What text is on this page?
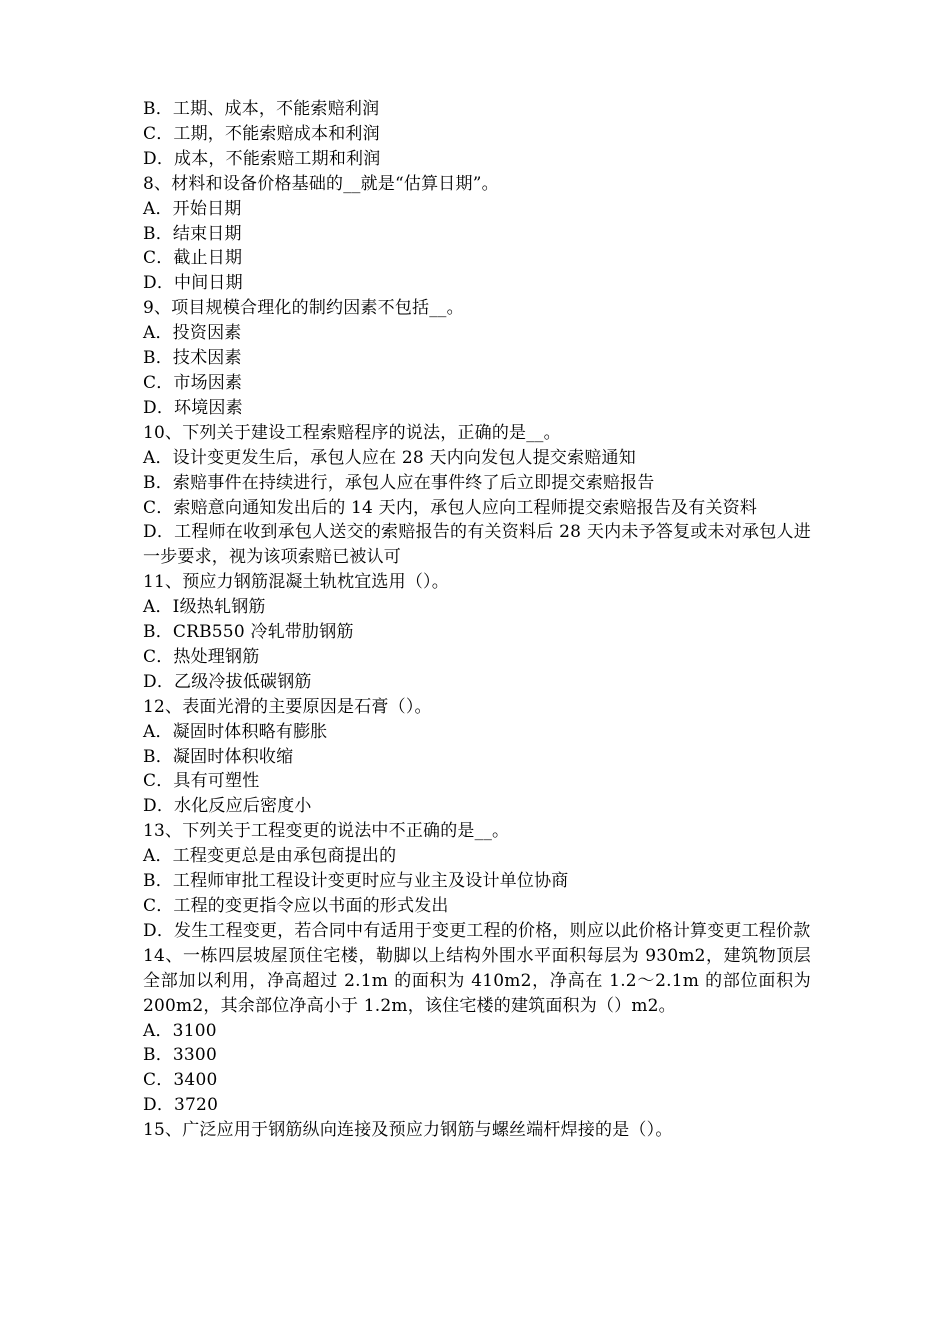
B．工期、成本，不能索赔利润
C．工期，不能索赔成本和利润
D．成本，不能索赔工期和利润
8、材料和设备价格基础的__就是“估算日期”。
A．开始日期
B．结束日期
C．截止日期
D．中间日期
9、项目规模合理化的制约因素不包括__。
A．投资因素
B．技术因素
C．市场因素
D．环境因素
10、下列关于建设工程索赔程序的说法，正确的是__。
A．设计变更发生后，承包人应在 28 天内向发包人提交索赔通知
B．索赔事件在持续进行，承包人应在事件终了后立即提交索赔报告
C．索赔意向通知发出后的 14 天内，承包人应向工程师提交索赔报告及有关资料
D．工程师在收到承包人送交的索赔报告的有关资料后 28 天内未予答复或未对承包人进一步要求，视为该项索赔已被认可
11、预应力钢筋混凝土轨枕宜选用（）。
A．Ⅰ级热轧钢筋
B．CRB550 冷轧带肋钢筋
C．热处理钢筋
D．乙级冷拔低碳钢筋
12、表面光滑的主要原因是石膏（）。
A．凝固时体积略有膨胀
B．凝固时体积收缩
C．具有可塑性
D．水化反应后密度小
13、下列关于工程变更的说法中不正确的是__。
A．工程变更总是由承包商提出的
B．工程师审批工程设计变更时应与业主及设计单位协商
C．工程的变更指令应以书面的形式发出
D．发生工程变更，若合同中有适用于变更工程的价格，则应以此价格计算变更工程价款
14、一栋四层坡屋顶住宅楼，勒脚以上结构外围水平面积每层为 930m2，建筑物顶层全部加以利用，净高超过 2.1m 的面积为 410m2，净高在 1.2～2.1m 的部位面积为 200m2，其余部位净高小于 1.2m，该住宅楼的建筑面积为（）m2。
A．3100
B．3300
C．3400
D．3720
15、广泛应用于钢筋纵向连接及预应力钢筋与螺丝端杆焊接的是（）。
